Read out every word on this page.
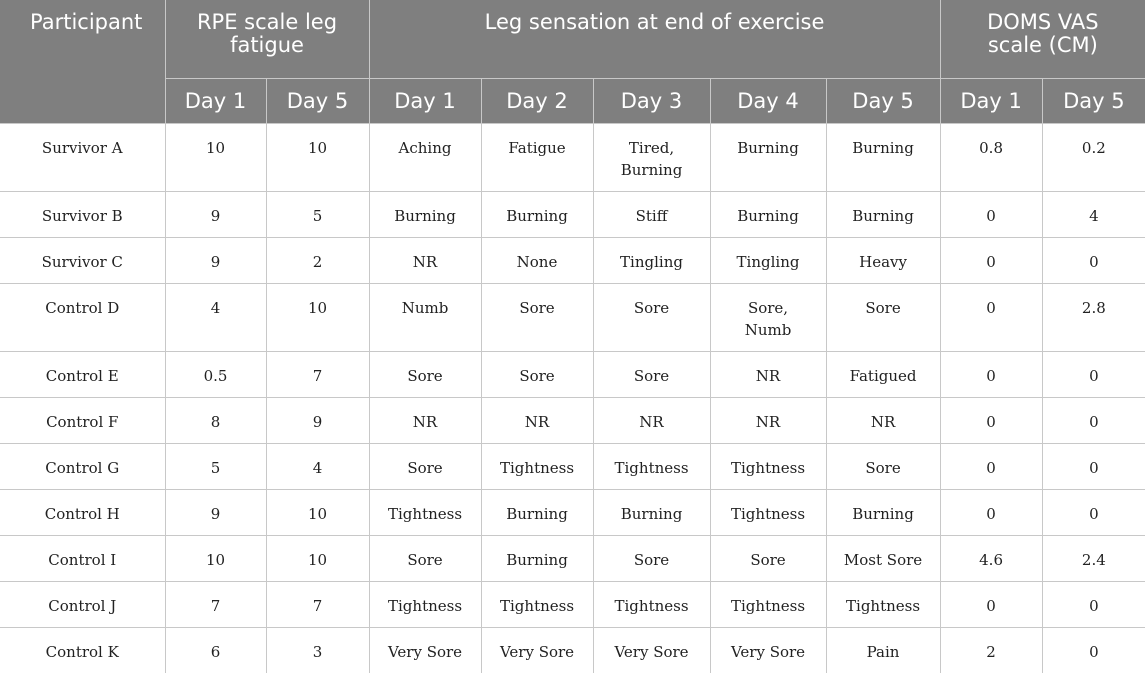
Participant	RPE scale leg fatigue		Leg sensation at end of exercise					DOMS VAS scale (CM)	
	Day 1	Day 5	Day 1	Day 2	Day 3	Day 4	Day 5	Day 1	Day 5
Survivor A	10	10	Aching	Fatigue	Tired, Burning	Burning	Burning	0.8	0.2
Survivor B	9	5	Burning	Burning	Stiff	Burning	Burning	0	4
Survivor C	9	2	NR	None	Tingling	Tingling	Heavy	0	0
Control D	4	10	Numb	Sore	Sore	Sore, Numb	Sore	0	2.8
Control E	0.5	7	Sore	Sore	Sore	NR	Fatigued	0	0
Control F	8	9	NR	NR	NR	NR	NR	0	0
Control G	5	4	Sore	Tightness	Tightness	Tightness	Sore	0	0
Control H	9	10	Tightness	Burning	Burning	Tightness	Burning	0	0
Control I	10	10	Sore	Burning	Sore	Sore	Most Sore	4.6	2.4
Control J	7	7	Tightness	Tightness	Tightness	Tightness	Tightness	0	0
Control K	6	3	Very Sore	Very Sore	Very Sore	Very Sore	Pain	2	0
